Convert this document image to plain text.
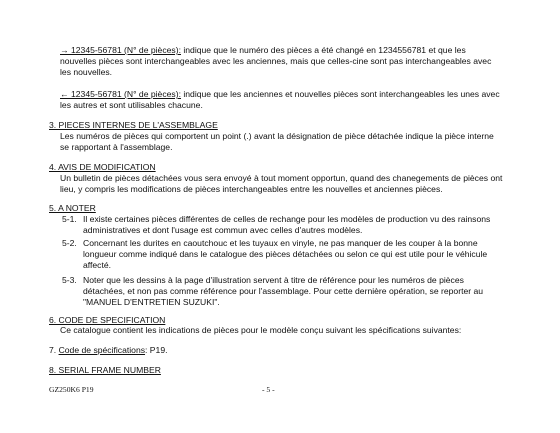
→ 12345-56781 (N° de pièces): indique que le numéro des pièces a été changé en 1234556781 et que les
nouvelles pièces sont interchangeables avec les anciennes, mais que celles-cine sont pas interchangeables avec
les nouvelles.
← 12345-56781 (N° de pièces): indique que les anciennes et nouvelles pièces sont interchangeables les unes avec
les autres et sont utilisables chacune.
3. PIECES INTERNES DE L'ASSEMBLAGE
Les numéros de pièces qui comportent un point (.) avant la désignation de pièce détachée indique la pièce interne
se rapportant à l'assemblage.
4. AVIS DE MODIFICATION
Un bulletin de pièces détachées vous sera envoyé à tout moment opportun, quand des chanegements de pièces ont
lieu, y compris les modifications de pièces interchangeables entre les nouvelles et anciennes pièces.
5. A NOTER
5-1. Il existe certaines pièces différentes de celles de rechange pour les modèles de production vu des rainsons
administratives et dont l'usage est commun avec celles d'autres modèles.
5-2. Concernant les durites en caoutchouc et les tuyaux en vinyle, ne pas manquer de les couper à la bonne
longueur comme indiqué dans le catalogue des pièces détachées ou selon ce qui est utile pour le véhicule
affecté.
5-3. Noter que les dessins à la page d'illustration servent à titre de référence pour les numéros de pièces
détachées, et non pas comme référence pour l'assemblage. Pour cette dernière opération, se reporter au
"MANUEL D'ENTRETIEN SUZUKI".
6. CODE DE SPECIFICATION
Ce catalogue contient les indications de pièces pour le modèle conçu suivant les spécifications suivantes:
7. Code de spécifications: P19.
8. SERIAL FRAME NUMBER
GZ250K6 P19	- 5 -
